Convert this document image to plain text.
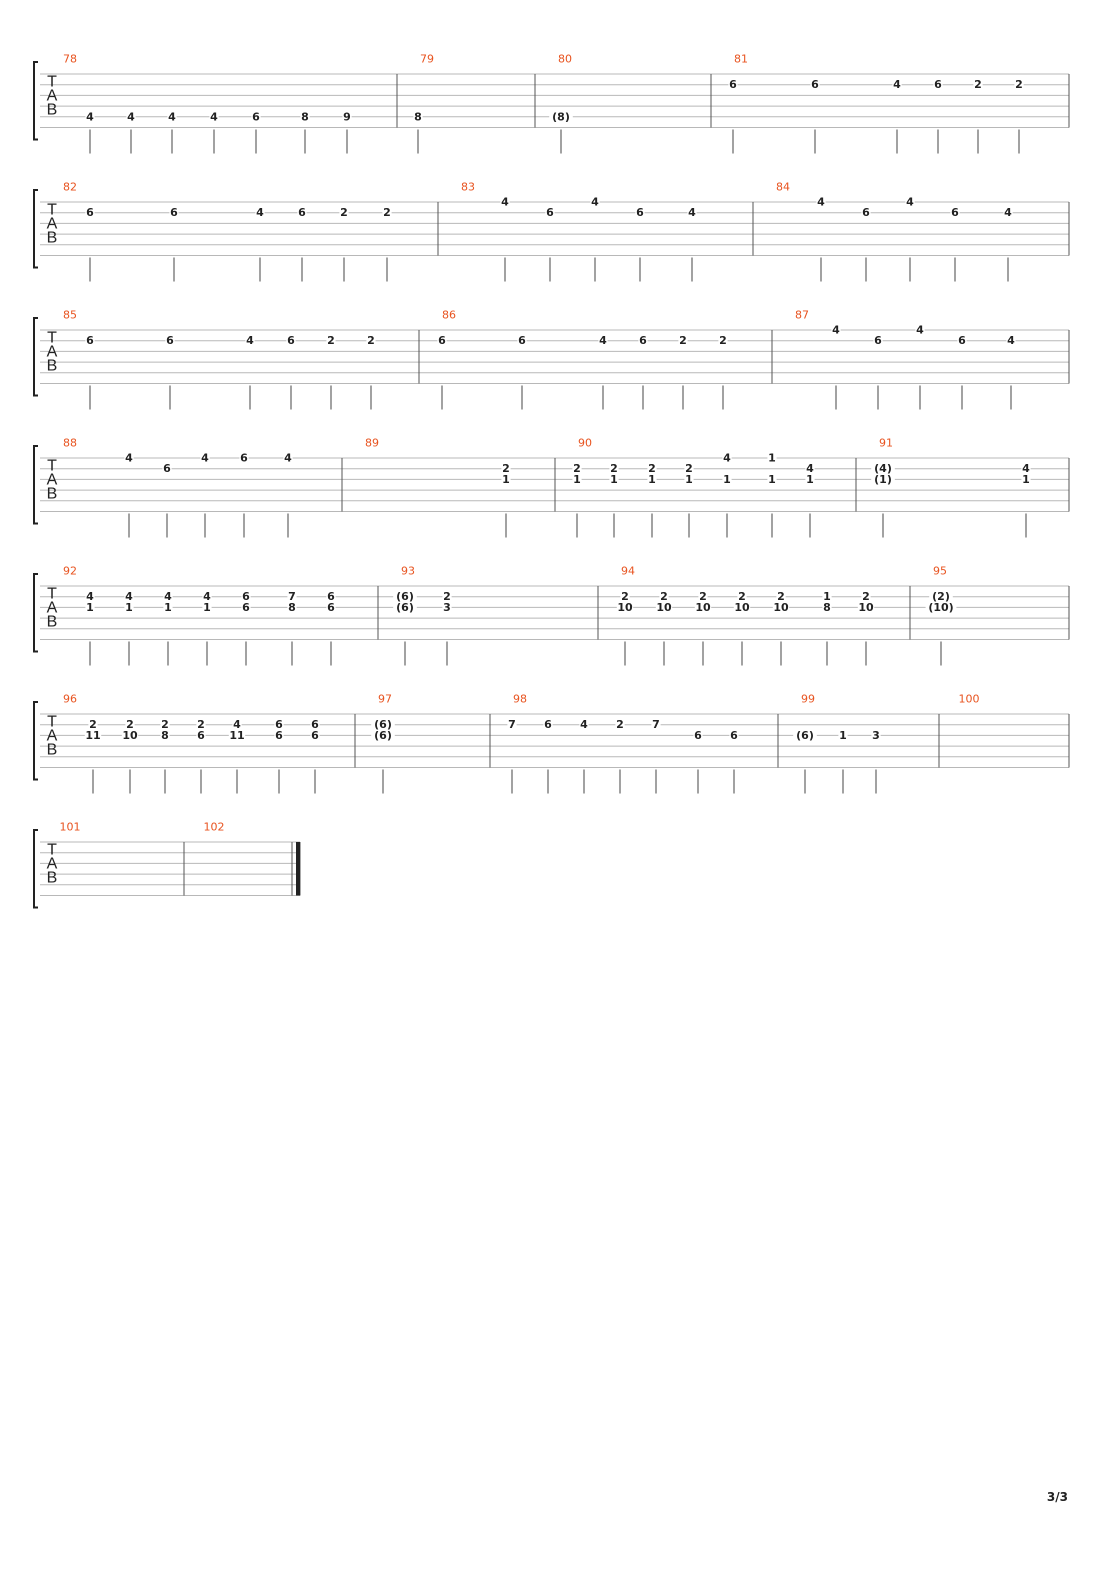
T
A
B
78
4	4	4	4	6	8	9
79
8
80
(8)
81
6	6	4	6	2	2
T
A
B
82
6	6	4	6	2	2
83
4
6
4
6	4
84
4
6
4
6	4
T
A
B
85
6	6	4	6	2	2
86
6	6	4	6	2	2
87
4
6
4
6	4
T
A
B
88
4
6
4	6	4
89
2
1
90
2
1
2
1
2
1
2
1
4
1
1
1
4
1
91
(4)
(1)
4
1
T
A
B
92
4
1
4
1
4
1
4
1
6
6
7
8
6
6
93
(6)
(6)
2
3
94
2
10
2
10
2
10
2
10
2
10
1
8
2
10
95
(2)
(10)
T
A
B
96
2
11
2
10
2
8
2
6
4
11
6
6
6
6
97
(6)
(6)
98
7	6	4	2	7
6	6
99
(6) 1 3
100
T
A
B
101	102
3/3
